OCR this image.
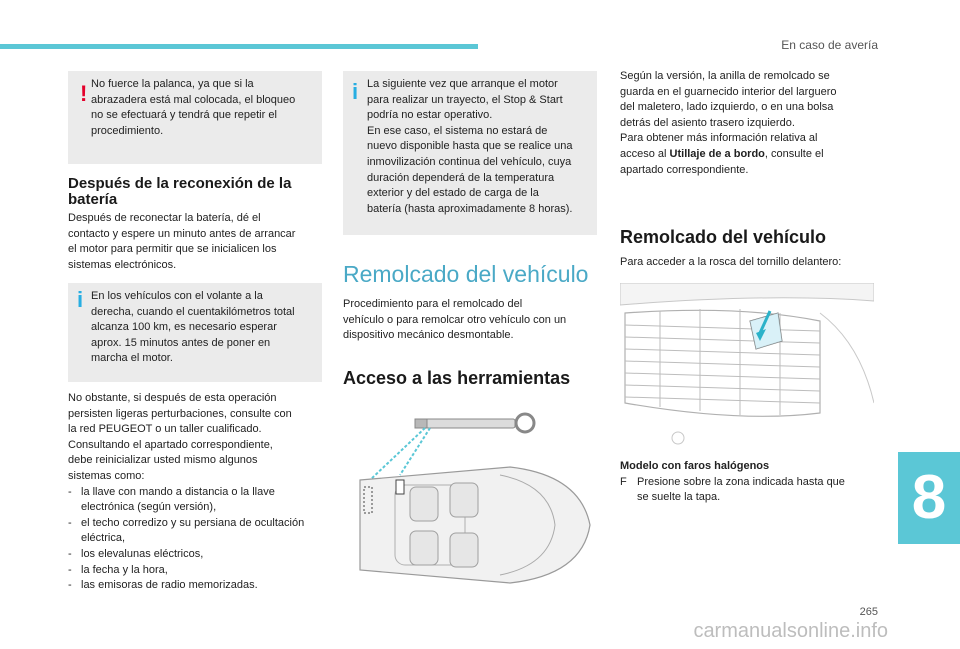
En caso de avería
! No fuerce la palanca, ya que si la

abrazadera está mal colocada, el bloqueo

no se efectuará y tendrá que repetir el

procedimiento.

Después de la reconexión de la
batería
Después de reconectar la batería, dé el
contacto y espere un minuto antes de arrancar
el motor para permitir que se inicialicen los
sistemas electrónicos.
i En los vehículos con el volante a la

derecha, cuando el cuentakilómetros total

alcanza 100 km, es necesario esperar

aprox. 15 minutos antes de poner en

marcha el motor.

No obstante, si después de esta operación
persisten ligeras perturbaciones, consulte con
la red PEUGEOT o un taller cualificado.
Consultando el apartado correspondiente,
debe reinicializar usted mismo algunos
sistemas como:
- la llave con mando a distancia o la llave electrónica (según versión),
- el techo corredizo y su persiana de ocultación eléctrica,
- los elevalunas eléctricos,
- la fecha y la hora,
- las emisoras de radio memorizadas.
i La siguiente vez que arranque el motor

para realizar un trayecto, el Stop & Start

podría no estar operativo.

En ese caso, el sistema no estará de

nuevo disponible hasta que se realice una

inmovilización continua del vehículo, cuya

duración dependerá de la temperatura

exterior y del estado de carga de la

batería (hasta aproximadamente 8 horas).

Remolcado del vehículo
Procedimiento para el remolcado del
vehículo o para remolcar otro vehículo con un
dispositivo mecánico desmontable.
Acceso a las herramientas
Según la versión, la anilla de remolcado se
guarda en el guarnecido interior del larguero
del maletero, lado izquierdo, o en una bolsa
detrás del asiento trasero izquierdo.
Para obtener más información relativa al
acceso al Utillaje de a bordo, consulte el
apartado correspondiente.
Remolcado del vehículo
Para acceder a la rosca del tornillo delantero:
Modelo con faros halógenos
F Presione sobre la zona indicada hasta que
se suelte la tapa.	8
265
carmanualsonline.info
